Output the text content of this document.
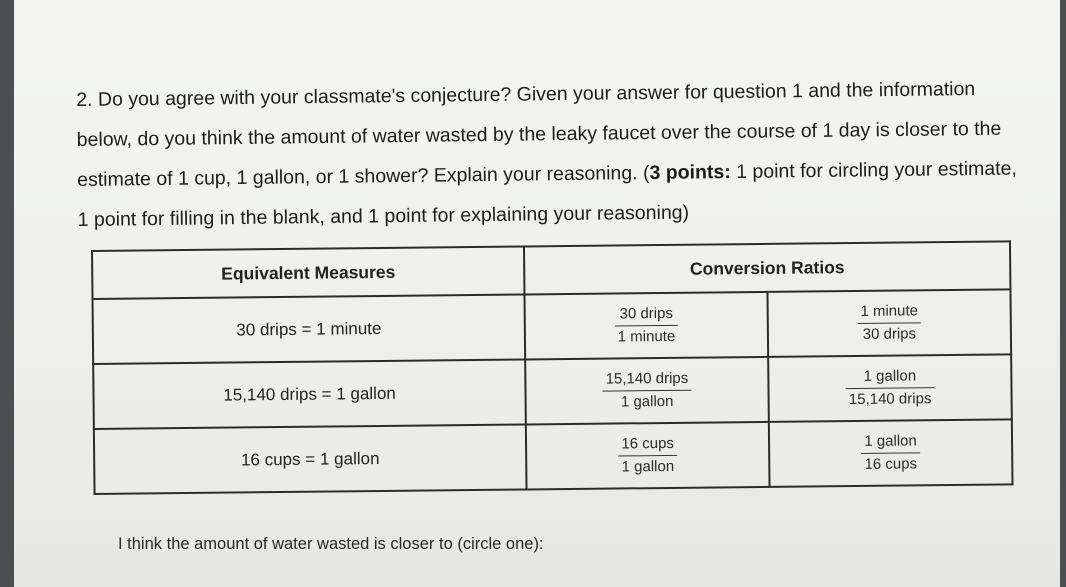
2. Do you agree with your classmate's conjecture? Given your answer for question 1 and the information below, do you think the amount of water wasted by the leaky faucet over the course of 1 day is closer to the estimate of 1 cup, 1 gallon, or 1 shower? Explain your reasoning. (3 points: 1 point for circling your estimate, 1 point for filling in the blank, and 1 point for explaining your reasoning)
Equivalent Measures	Conversion Ratios	
30 drips = 1 minute	$\frac{\text{30 drips}}{\text{1 minute}}$	$\frac{\text{1 minute}}{\text{30 drips}}$

15,140 drips = 1 gallon	$\frac{\text{15,140 drips}}{\text{1 gallon}}$	$\frac{\text{1 gallon}}{\text{15,140 drips}}$

16 cups = 1 gallon	$\frac{\text{16 cups}}{\text{1 gallon}}$	$\frac{\text{1 gallon}}{\text{16 cups}}$
I think the amount of water wasted is closer to (circle one):
